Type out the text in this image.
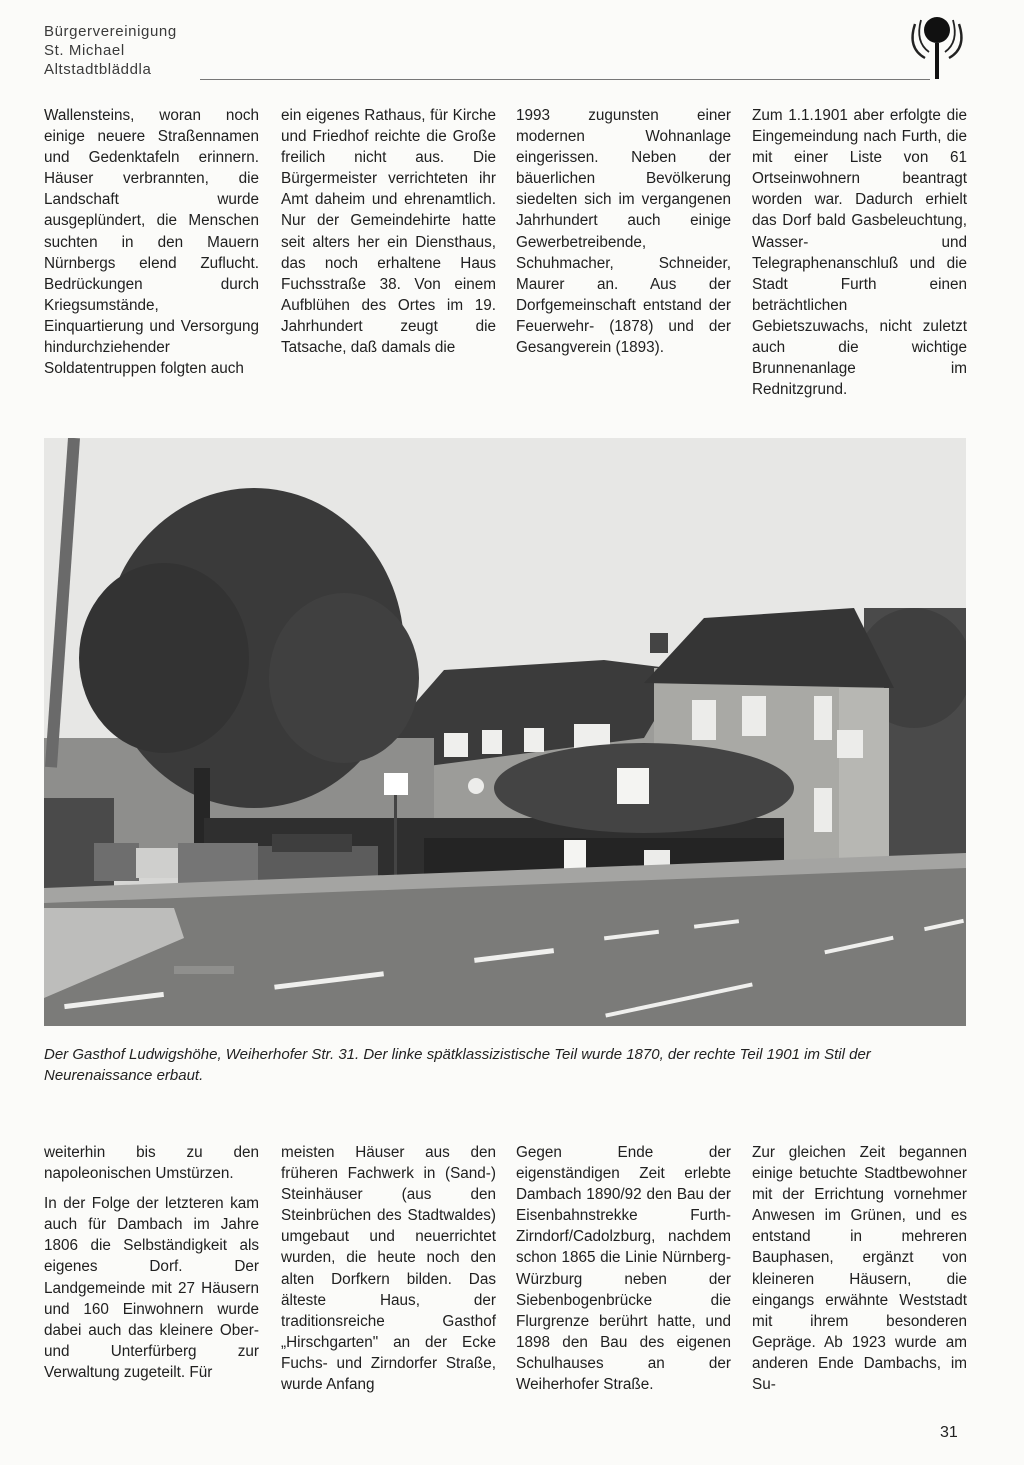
Bürgervereinigung
St. Michael
Altstadtbläddla

Wallensteins, woran noch einige neuere Straßennamen und Gedenktafeln erinnern. Häuser verbrannten, die Landschaft wurde ausgeplündert, die Menschen suchten in den Mauern Nürnbergs elend Zuflucht. Bedrückungen durch Kriegsumstände, Einquartierung und Versorgung hindurchziehender Soldatentruppen folgten auch

ein eigenes Rathaus, für Kirche und Friedhof reichte die Große freilich nicht aus. Die Bürgermeister verrichteten ihr Amt daheim und ehrenamtlich. Nur der Gemeindehirte hatte seit alters her ein Diensthaus, das noch erhaltene Haus Fuchsstraße 38. Von einem Aufblühen des Ortes im 19. Jahrhundert zeugt die Tatsache, daß damals die

1993 zugunsten einer modernen Wohnanlage eingerissen. Neben der bäuerlichen Bevölkerung siedelten sich im vergangenen Jahrhundert auch einige Gewerbetreibende, Schuhmacher, Schneider, Maurer an. Aus der Dorfgemeinschaft entstand der Feuerwehr- (1878) und der Gesangverein (1893).

Zum 1.1.1901 aber erfolgte die Eingemeindung nach Furth, die mit einer Liste von 61 Ortseinwohnern beantragt worden war. Dadurch erhielt das Dorf bald Gasbeleuchtung, Wasser- und Telegraphenanschluß und die Stadt Furth einen beträchtlichen Gebietszuwachs, nicht zuletzt auch die wichtige Brunnenanlage im Rednitzgrund.

Der Gasthof Ludwigshöhe, Weiherhofer Str. 31. Der linke spätklassizistische Teil wurde 1870, der rechte Teil 1901 im Stil der Neurenaissance erbaut.

weiterhin bis zu den napoleonischen Umstürzen.

In der Folge der letzteren kam auch für Dambach im Jahre 1806 die Selbständigkeit als eigenes Dorf. Der Landgemeinde mit 27 Häusern und 160 Einwohnern wurde dabei auch das kleinere Ober- und Unterfürberg zur Verwaltung zugeteilt. Für

meisten Häuser aus den früheren Fachwerk in (Sand-) Steinhäuser (aus den Steinbrüchen des Stadtwaldes) umgebaut und neuerrichtet wurden, die heute noch den alten Dorfkern bilden. Das älteste Haus, der traditionsreiche Gasthof „Hirschgarten" an der Ecke Fuchs- und Zirndorfer Straße, wurde Anfang

Gegen Ende der eigenständigen Zeit erlebte Dambach 1890/92 den Bau der Eisenbahnstrekke Furth-Zirndorf/Cadolzburg, nachdem schon 1865 die Linie Nürnberg-Würzburg neben der Siebenbogenbrücke die Flurgrenze berührt hatte, und 1898 den Bau des eigenen Schulhauses an der Weiherhofer Straße.

Zur gleichen Zeit begannen einige betuchte Stadtbewohner mit der Errichtung vornehmer Anwesen im Grünen, und es entstand in mehreren Bauphasen, ergänzt von kleineren Häusern, die eingangs erwähnte Weststadt mit ihrem besonderen Gepräge. Ab 1923 wurde am anderen Ende Dambachs, im Su-

31
